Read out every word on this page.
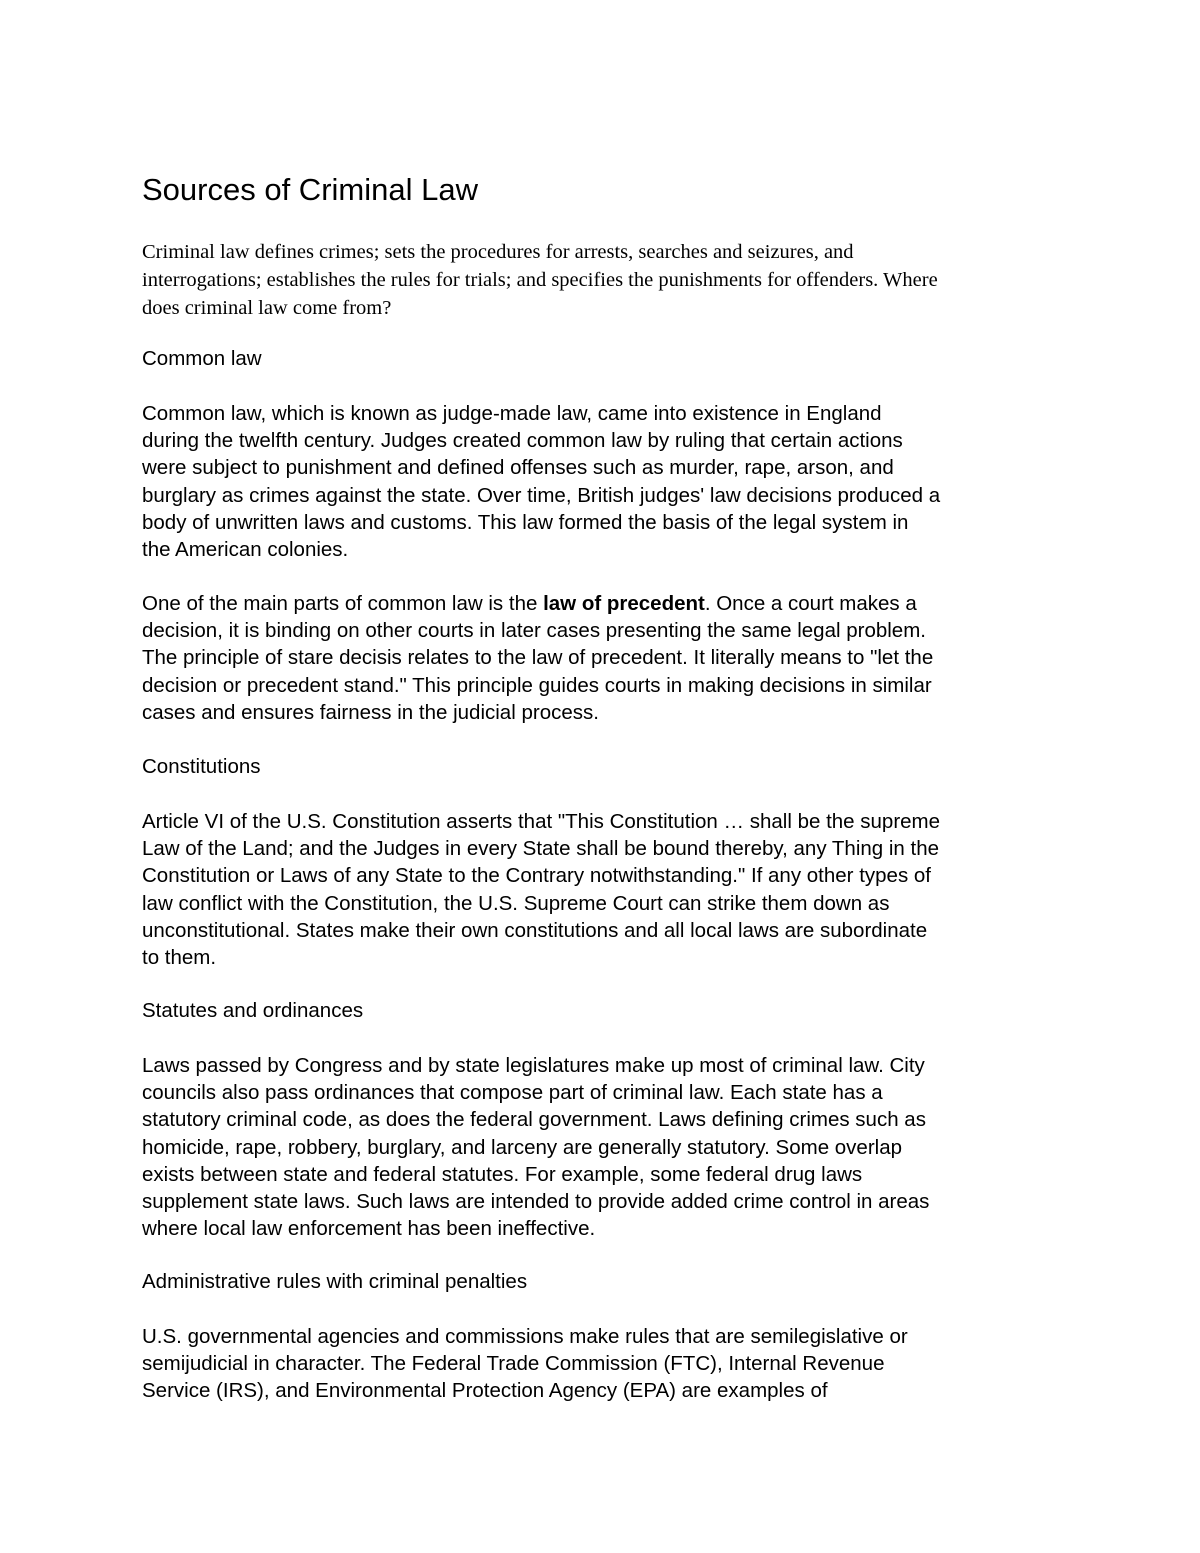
Sources of Criminal Law

Criminal law defines crimes; sets the procedures for arrests, searches and seizures, and
interrogations; establishes the rules for trials; and specifies the punishments for offenders. Where
does criminal law come from?

Common law

Common law, which is known as judge-made law, came into existence in England
during the twelfth century. Judges created common law by ruling that certain actions
were subject to punishment and defined offenses such as murder, rape, arson, and
burglary as crimes against the state. Over time, British judges' law decisions produced a
body of unwritten laws and customs. This law formed the basis of the legal system in
the American colonies.

One of the main parts of common law is the law of precedent. Once a court makes a
decision, it is binding on other courts in later cases presenting the same legal problem.
The principle of stare decisis relates to the law of precedent. It literally means to "let the
decision or precedent stand." This principle guides courts in making decisions in similar
cases and ensures fairness in the judicial process.

Constitutions

Article VI of the U.S. Constitution asserts that "This Constitution … shall be the supreme
Law of the Land; and the Judges in every State shall be bound thereby, any Thing in the
Constitution or Laws of any State to the Contrary notwithstanding." If any other types of
law conflict with the Constitution, the U.S. Supreme Court can strike them down as
unconstitutional. States make their own constitutions and all local laws are subordinate
to them.

Statutes and ordinances

Laws passed by Congress and by state legislatures make up most of criminal law. City
councils also pass ordinances that compose part of criminal law. Each state has a
statutory criminal code, as does the federal government. Laws defining crimes such as
homicide, rape, robbery, burglary, and larceny are generally statutory. Some overlap
exists between state and federal statutes. For example, some federal drug laws
supplement state laws. Such laws are intended to provide added crime control in areas
where local law enforcement has been ineffective.

Administrative rules with criminal penalties

U.S. governmental agencies and commissions make rules that are semilegislative or
semijudicial in character. The Federal Trade Commission (FTC), Internal Revenue
Service (IRS), and Environmental Protection Agency (EPA) are examples of
